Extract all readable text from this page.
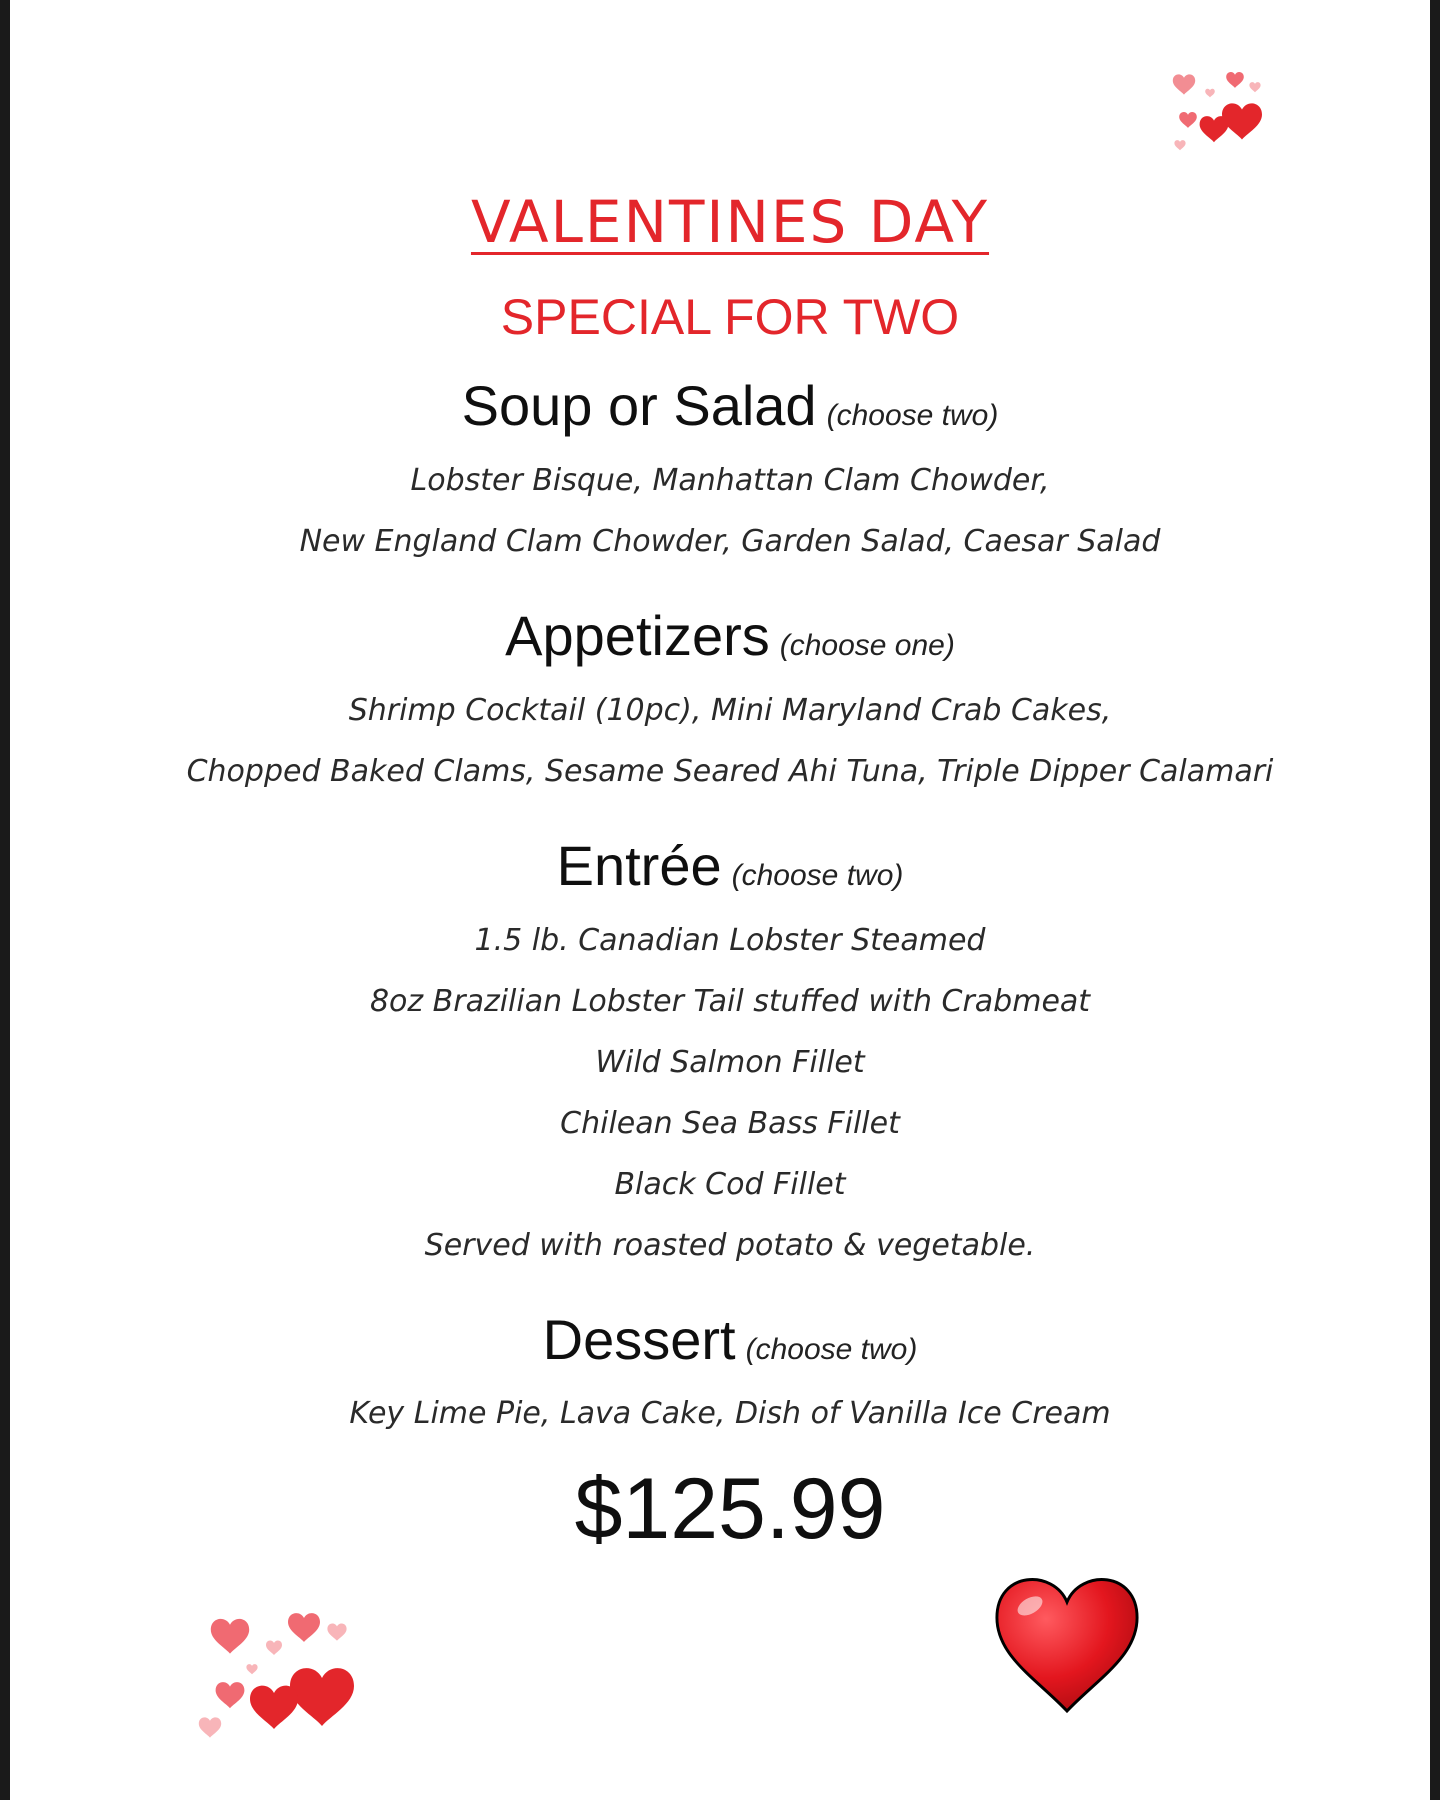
VALENTINES DAY
SPECIAL FOR TWO
Soup or Salad (choose two)
Lobster Bisque, Manhattan Clam Chowder,
New England Clam Chowder, Garden Salad, Caesar Salad
Appetizers (choose one)
Shrimp Cocktail (10pc), Mini Maryland Crab Cakes,
Chopped Baked Clams, Sesame Seared Ahi Tuna, Triple Dipper Calamari
Entrée (choose two)
1.5 lb. Canadian Lobster Steamed
8oz Brazilian Lobster Tail stuffed with Crabmeat
Wild Salmon Fillet
Chilean Sea Bass Fillet
Black Cod Fillet
Served with roasted potato & vegetable.
Dessert (choose two)
Key Lime Pie, Lava Cake, Dish of Vanilla Ice Cream
$125.99
